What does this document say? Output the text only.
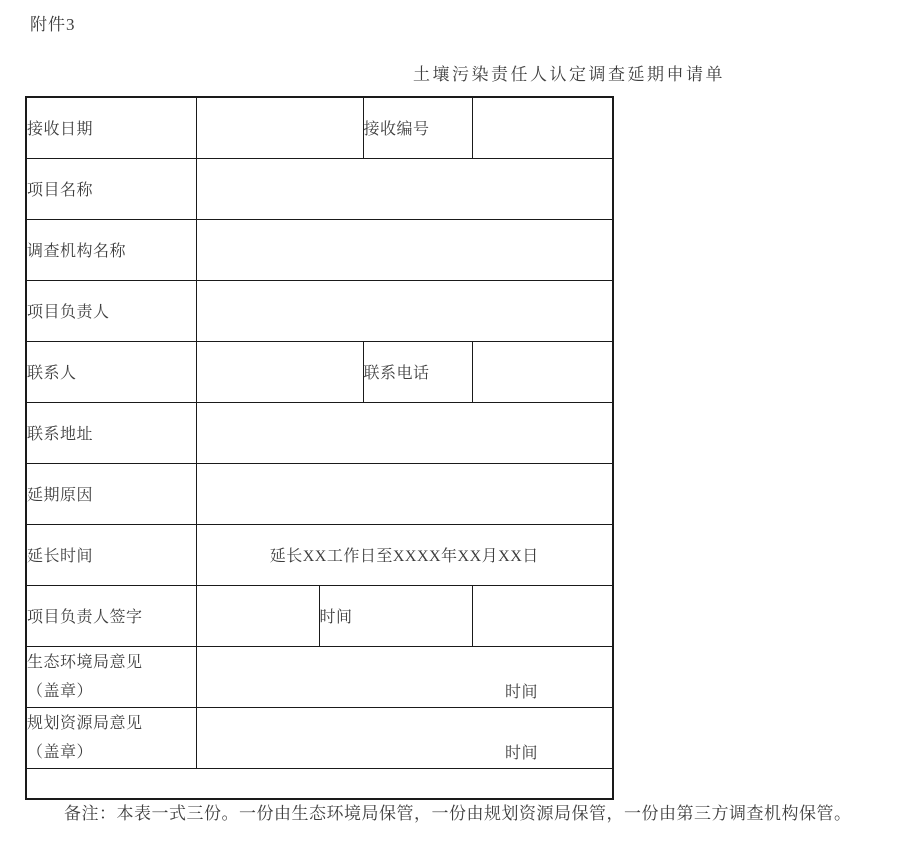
附件3
土壤污染责任人认定调查延期申请单
接收日期			接收编号	
项目名称				
调查机构名称				
项目负责人				
联系人			联系电话	
联系地址				
延期原因				
延长时间	延长XX工作日至XXXX年XX月XX日			
项目负责人签字		时间		

生态环境局意见
（盖章）	时间			

规划资源局意见
（盖章）	时间			

备注：本表一式三份。一份由生态环境局保管，一份由规划资源局保管，一份由第三方调查机构保管。
